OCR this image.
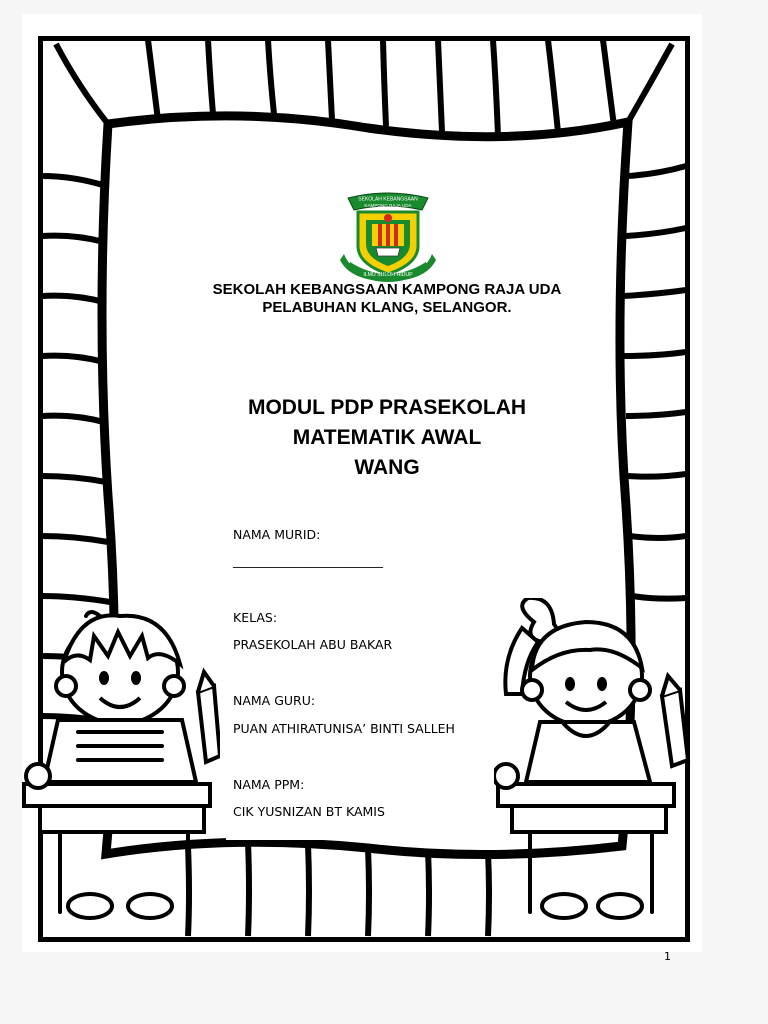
SEKOLAH KEBANGSAAN
KAMPONG RAJA UDA
ILMU SULOH HIDUP
SEKOLAH KEBANGSAAN KAMPONG RAJA UDA
PELABUHAN KLANG, SELANGOR.
MODUL PDP PRASEKOLAH
MATEMATIK AWAL
WANG
NAMA MURID:
________________________
KELAS:
PRASEKOLAH ABU BAKAR
NAMA GURU:
PUAN ATHIRATUNISA’ BINTI SALLEH
NAMA PPM:
CIK YUSNIZAN BT KAMIS
1
